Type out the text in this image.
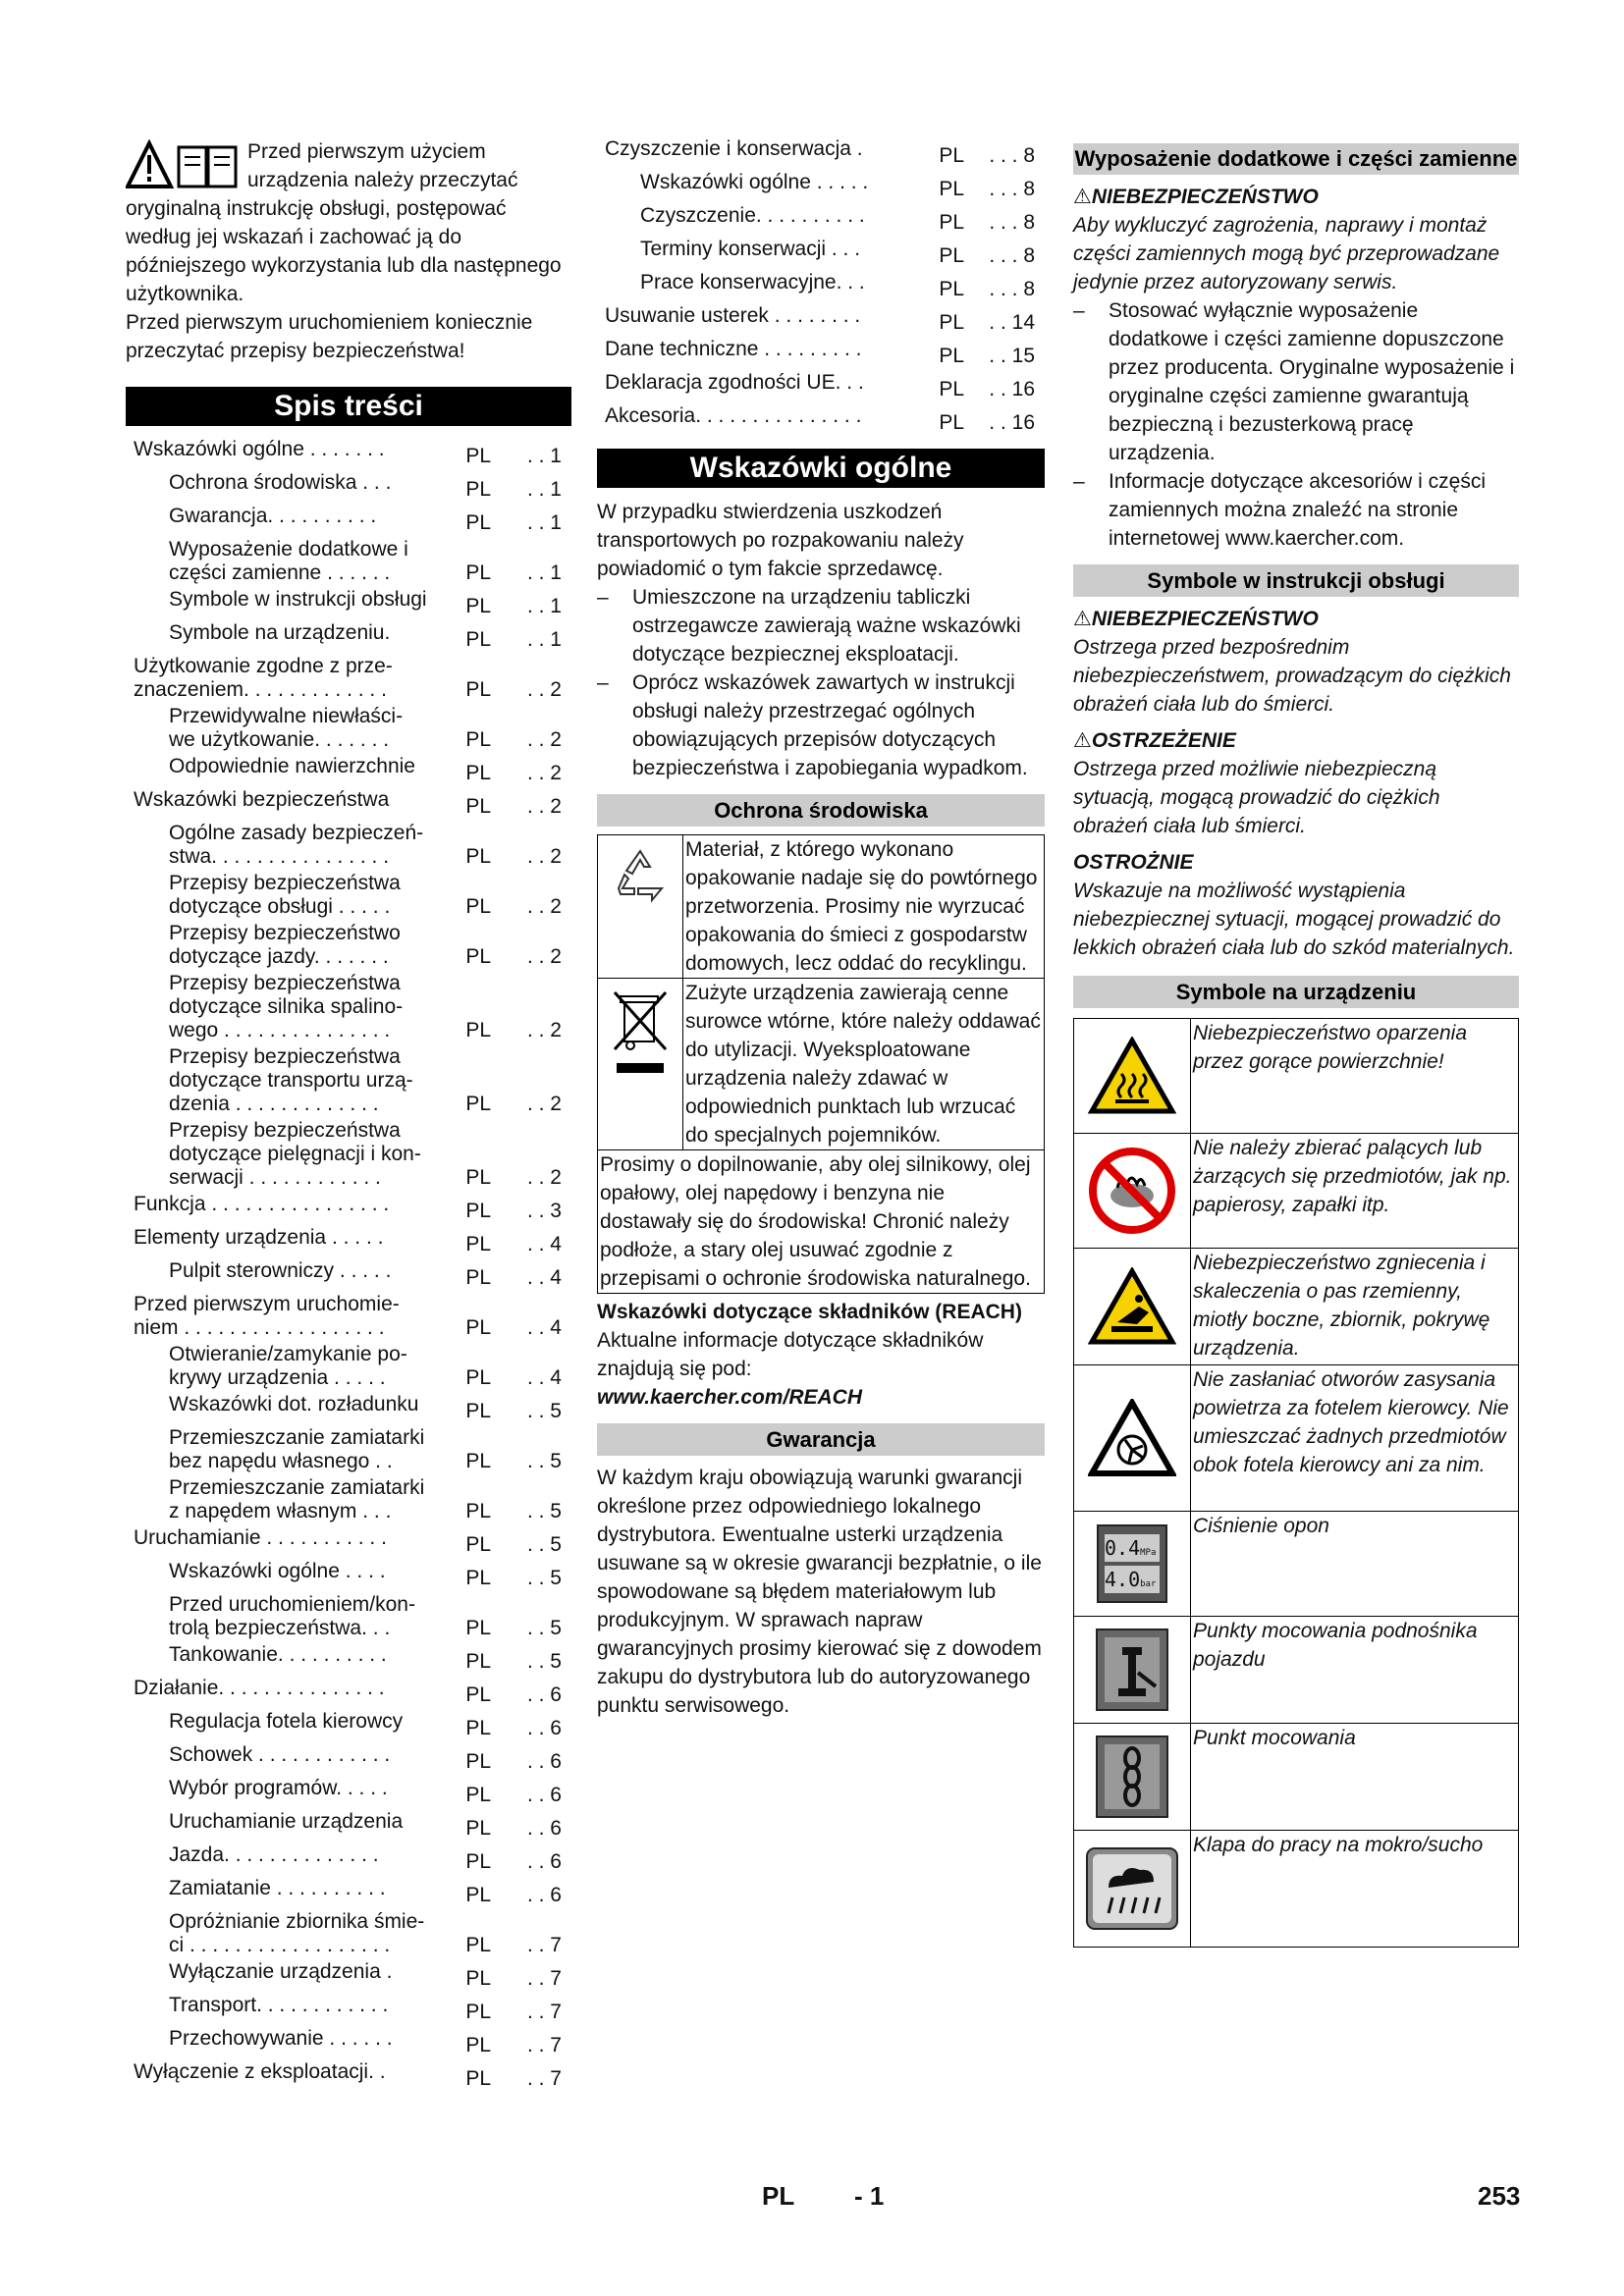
Przed pierwszym użyciem urządzenia należy przeczytać oryginalną instrukcję obsługi, postępować według jej wskazań i zachować ją do późniejszego wykorzystania lub dla następnego użytkownika.

Przed pierwszym uruchomieniem koniecznie przeczytać przepisy bezpieczeństwa!

Spis treści
Wskazówki ogólne . . . . . . .	PL . . 1
Ochrona środowiska . . .	PL . . 1
Gwarancja. . . . . . . . . .	PL . . 1
Wyposażenie dodatkowe i
części zamienne . . . . . .	PL . . 1
Symbole w instrukcji obsługi	PL . . 1
Symbole na urządzeniu.	PL . . 1
Użytkowanie zgodne z prze-
znaczeniem. . . . . . . . . . . . .	PL . . 2
Przewidywalne niewłaści-
we użytkowanie. . . . . . .	PL . . 2
Odpowiednie nawierzchnie	PL . . 2
Wskazówki bezpieczeństwa	PL . . 2
Ogólne zasady bezpieczeń-
stwa. . . . . . . . . . . . . . . .	PL . . 2
Przepisy bezpieczeństwa
dotyczące obsługi . . . . .	PL . . 2
Przepisy bezpieczeństwo
dotyczące jazdy. . . . . . .	PL . . 2
Przepisy bezpieczeństwa
dotyczące silnika spalino-
wego . . . . . . . . . . . . . . .	PL . . 2
Przepisy bezpieczeństwa
dotyczące transportu urzą-
dzenia . . . . . . . . . . . . .	PL . . 2
Przepisy bezpieczeństwa
dotyczące pielęgnacji i kon-
serwacji . . . . . . . . . . . .	PL . . 2
Funkcja . . . . . . . . . . . . . . . .	PL . . 3
Elementy urządzenia . . . . .	PL . . 4
Pulpit sterowniczy . . . . .	PL . . 4
Przed pierwszym uruchomie-
niem . . . . . . . . . . . . . . . . . .	PL . . 4
Otwieranie/zamykanie po-
krywy urządzenia . . . . .	PL . . 4
Wskazówki dot. rozładunku	PL . . 5
Przemieszczanie zamiatarki
bez napędu własnego . .	PL . . 5
Przemieszczanie zamiatarki
z napędem własnym . . .	PL . . 5
Uruchamianie . . . . . . . . . . .	PL . . 5
Wskazówki ogólne . . . .	PL . . 5
Przed uruchomieniem/kon-
trolą bezpieczeństwa. . .	PL . . 5
Tankowanie. . . . . . . . . .	PL . . 5
Działanie. . . . . . . . . . . . . . .	PL . . 6
Regulacja fotela kierowcy	PL . . 6
Schowek . . . . . . . . . . . .	PL . . 6
Wybór programów. . . . .	PL . . 6
Uruchamianie urządzenia	PL . . 6
Jazda. . . . . . . . . . . . . .	PL . . 6
Zamiatanie . . . . . . . . . .	PL . . 6
Opróżnianie zbiornika śmie-
ci . . . . . . . . . . . . . . . . . .	PL . . 7
Wyłączanie urządzenia .	PL . . 7
Transport. . . . . . . . . . . .	PL . . 7
Przechowywanie . . . . . .	PL . . 7
Wyłączenie z eksploatacji. .	PL . . 7
Czyszczenie i konserwacja .	PL . . . 8
Wskazówki ogólne . . . . .	PL . . . 8
Czyszczenie. . . . . . . . . .	PL . . . 8
Terminy konserwacji . . .	PL . . . 8
Prace konserwacyjne. . .	PL . . . 8
Usuwanie usterek . . . . . . . .	PL . . 14
Dane techniczne . . . . . . . . .	PL . . 15
Deklaracja zgodności UE. . .	PL . . 16
Akcesoria. . . . . . . . . . . . . . .	PL . . 16
Wskazówki ogólne

W przypadku stwierdzenia uszkodzeń transportowych po rozpakowaniu należy powiadomić o tym fakcie sprzedawcę.

– Umieszczone na urządzeniu tabliczki ostrzegawcze zawierają ważne wskazówki dotyczące bezpiecznej eksploatacji.

– Oprócz wskazówek zawartych w instrukcji obsługi należy przestrzegać ogólnych obowiązujących przepisów dotyczących bezpieczeństwa i zapobiegania wypadkom.

Ochrona środowiska
Materiał, z którego wykonano opakowanie nadaje się do powtórnego przetworzenia. Prosimy nie wyrzucać opakowania do śmieci z gospodarstw domowych, lecz oddać do recyklingu.
Zużyte urządzenia zawierają cenne surowce wtórne, które należy oddawać do utylizacji. Wyeksploatowane urządzenia należy zdawać w odpowiednich punktach lub wrzucać do specjalnych pojemników.
Prosimy o dopilnowanie, aby olej silnikowy, olej opałowy, olej napędowy i benzyna nie dostawały się do środowiska! Chronić należy podłoże, a stary olej usuwać zgodnie z przepisami o ochronie środowiska naturalnego.

Wskazówki dotyczące składników (REACH)

Aktualne informacje dotyczące składników znajdują się pod:

www.kaercher.com/REACH

Gwarancja

W każdym kraju obowiązują warunki gwarancji określone przez odpowiedniego lokalnego dystrybutora. Ewentualne usterki urządzenia usuwane są w okresie gwarancji bezpłatnie, o ile spowodowane są błędem materiałowym lub produkcyjnym. W sprawach napraw gwarancyjnych prosimy kierować się z dowodem zakupu do dystrybutora lub do autoryzowanego punktu serwisowego.

Wyposażenie dodatkowe i części zamienne
⚠NIEBEZPIECZEŃSTWO

Aby wykluczyć zagrożenia, naprawy i montaż części zamiennych mogą być przeprowadzane jedynie przez autoryzowany serwis.

– Stosować wyłącznie wyposażenie dodatkowe i części zamienne dopuszczone przez producenta. Oryginalne wyposażenie i oryginalne części zamienne gwarantują bezpieczną i bezusterkową pracę urządzenia.

– Informacje dotyczące akcesoriów i części zamiennych można znaleźć na stronie internetowej www.kaercher.com.

Symbole w instrukcji obsługi
⚠NIEBEZPIECZEŃSTWO

Ostrzega przed bezpośrednim niebezpieczeństwem, prowadzącym do ciężkich obrażeń ciała lub do śmierci.

⚠OSTRZEŻENIE

Ostrzega przed możliwie niebezpieczną sytuacją, mogącą prowadzić do ciężkich obrażeń ciała lub śmierci.

OSTROŻNIE

Wskazuje na możliwość wystąpienia niebezpiecznej sytuacji, mogącej prowadzić do lekkich obrażeń ciała lub do szkód materialnych.

Symbole na urządzeniu
Niebezpieczeństwo oparzenia przez gorące powierzchnie!
Nie należy zbierać palących lub żarzących się przedmiotów, jak np. papierosy, zapałki itp.
Niebezpieczeństwo zgniecenia i skaleczenia o pas rzemienny, miotły boczne, zbiornik, pokrywę urządzenia.
Nie zasłaniać otworów zasysania powietrza za fotelem kierowcy. Nie umieszczać żadnych przedmiotów obok fotela kierowcy ani za nim.
0.4MPa
4.0bar
Ciśnienie opon
Punkty mocowania podnośnika pojazdu
Punkt mocowania
Klapa do pracy na mokro/sucho
PL - 1	253
